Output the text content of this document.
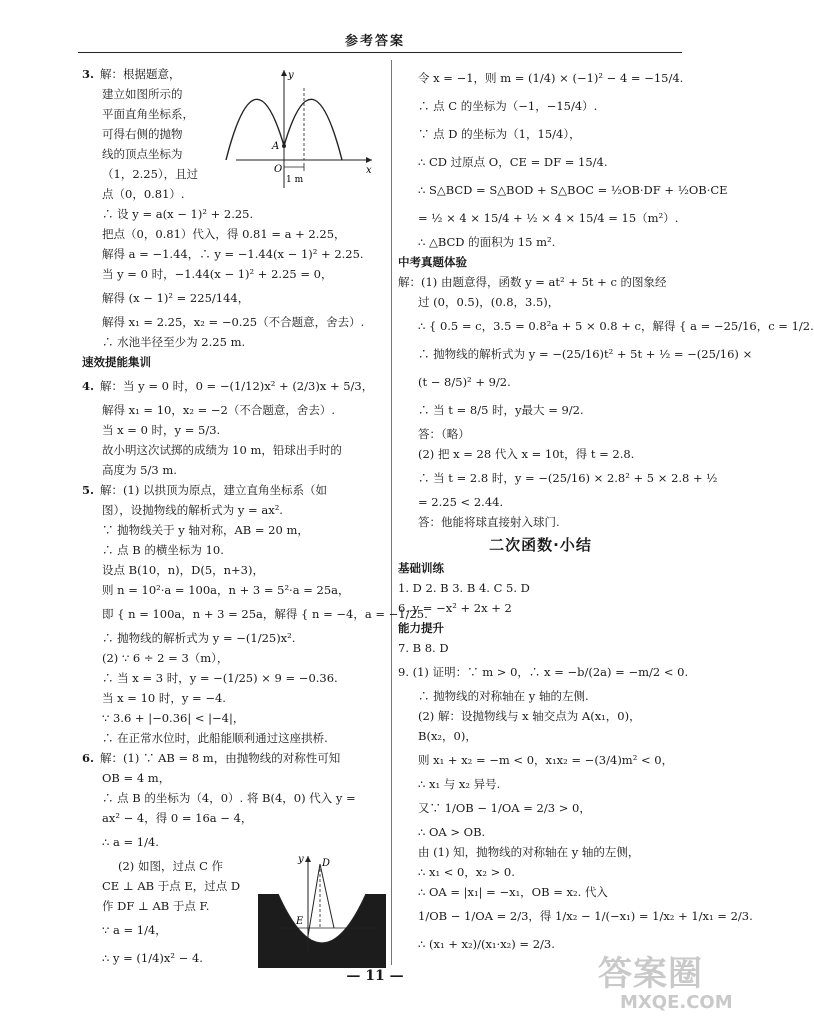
参考答案
3. 解：根据题意，
建立如图所示的
平面直角坐标系，
可得右侧的抛物
线的顶点坐标为
（1，2.25），且过
点（0，0.81）.
y
x
A
O
1 m
∴ 设 y = a(x − 1)² + 2.25.
把点（0，0.81）代入，得 0.81 = a + 2.25，
解得 a = −1.44，∴ y = −1.44(x − 1)² + 2.25.
当 y = 0 时，−1.44(x − 1)² + 2.25 = 0，
解得 (x − 1)² = 225/144，
解得 x₁ = 2.25，x₂ = −0.25（不合题意，舍去）.
∴ 水池半径至少为 2.25 m.
速效提能集训
4. 解：当 y = 0 时，0 = −(1/12)x² + (2/3)x + 5/3，
解得 x₁ = 10，x₂ = −2（不合题意，舍去）.
当 x = 0 时，y = 5/3.
故小明这次试掷的成绩为 10 m，铅球出手时的
高度为 5/3 m.
5. 解：(1) 以拱顶为原点，建立直角坐标系（如
图），设抛物线的解析式为 y = ax².
∵ 抛物线关于 y 轴对称，AB = 20 m，
∴ 点 B 的横坐标为 10.
设点 B(10，n)，D(5，n+3)，
则 n = 10²·a = 100a，n + 3 = 5²·a = 25a，
即 { n = 100a，n + 3 = 25a，解得 { n = −4，a = −1/25.
∴ 抛物线的解析式为 y = −(1/25)x².
(2) ∵ 6 ÷ 2 = 3（m），
∴ 当 x = 3 时，y = −(1/25) × 9 = −0.36.
当 x = 10 时，y = −4.
∵ 3.6 + |−0.36| < |−4|，
∴ 在正常水位时，此船能顺利通过这座拱桥.
6. 解：(1) ∵ AB = 8 m，由抛物线的对称性可知
OB = 4 m，
∴ 点 B 的坐标为（4，0）. 将 B(4，0) 代入 y =
ax² − 4，得 0 = 16a − 4，
∴ a = 1/4.
(2) 如图，过点 C 作
CE ⊥ AB 于点 E，过点 D
作 DF ⊥ AB 于点 F.
∵ a = 1/4，
∴ y = (1/4)x² − 4.
y D
E
F
O
令 x = −1，则 m = (1/4) × (−1)² − 4 = −15/4.
∴ 点 C 的坐标为（−1，−15/4）.
∵ 点 D 的坐标为（1，15/4），
∴ CD 过原点 O，CE = DF = 15/4.
∴ S△BCD = S△BOD + S△BOC = ½OB·DF + ½OB·CE
= ½ × 4 × 15/4 + ½ × 4 × 15/4 = 15（m²）.
∴ △BCD 的面积为 15 m².
中考真题体验
解：(1) 由题意得，函数 y = at² + 5t + c 的图象经
过 (0，0.5)，(0.8，3.5)，
∴ { 0.5 = c，3.5 = 0.8²a + 5 × 0.8 + c，解得 { a = −25/16，c = 1/2.
∴ 抛物线的解析式为 y = −(25/16)t² + 5t + ½ = −(25/16) ×
(t − 8/5)² + 9/2.
∴ 当 t = 8/5 时，y最大 = 9/2.
答：（略）
(2) 把 x = 28 代入 x = 10t，得 t = 2.8.
∴ 当 t = 2.8 时，y = −(25/16) × 2.8² + 5 × 2.8 + ½
= 2.25 < 2.44.
答：他能将球直接射入球门.
二次函数·小结
基础训练
1. D 2. B 3. B 4. C 5. D
6. y = −x² + 2x + 2
能力提升
7. B 8. D
9. (1) 证明：∵ m > 0，∴ x = −b/(2a) = −m/2 < 0.
∴ 抛物线的对称轴在 y 轴的左侧.
(2) 解：设抛物线与 x 轴交点为 A(x₁，0)，
B(x₂，0)，
则 x₁ + x₂ = −m < 0，x₁x₂ = −(3/4)m² < 0，
∴ x₁ 与 x₂ 异号.
又∵ 1/OB − 1/OA = 2/3 > 0，
∴ OA > OB.
由 (1) 知，抛物线的对称轴在 y 轴的左侧，
∴ x₁ < 0，x₂ > 0.
∴ OA = |x₁| = −x₁，OB = x₂. 代入
1/OB − 1/OA = 2/3，得 1/x₂ − 1/(−x₁) = 1/x₂ + 1/x₁ = 2/3.
∴ (x₁ + x₂)/(x₁·x₂) = 2/3.
— 11 —	答案圈
MXQE.COM
